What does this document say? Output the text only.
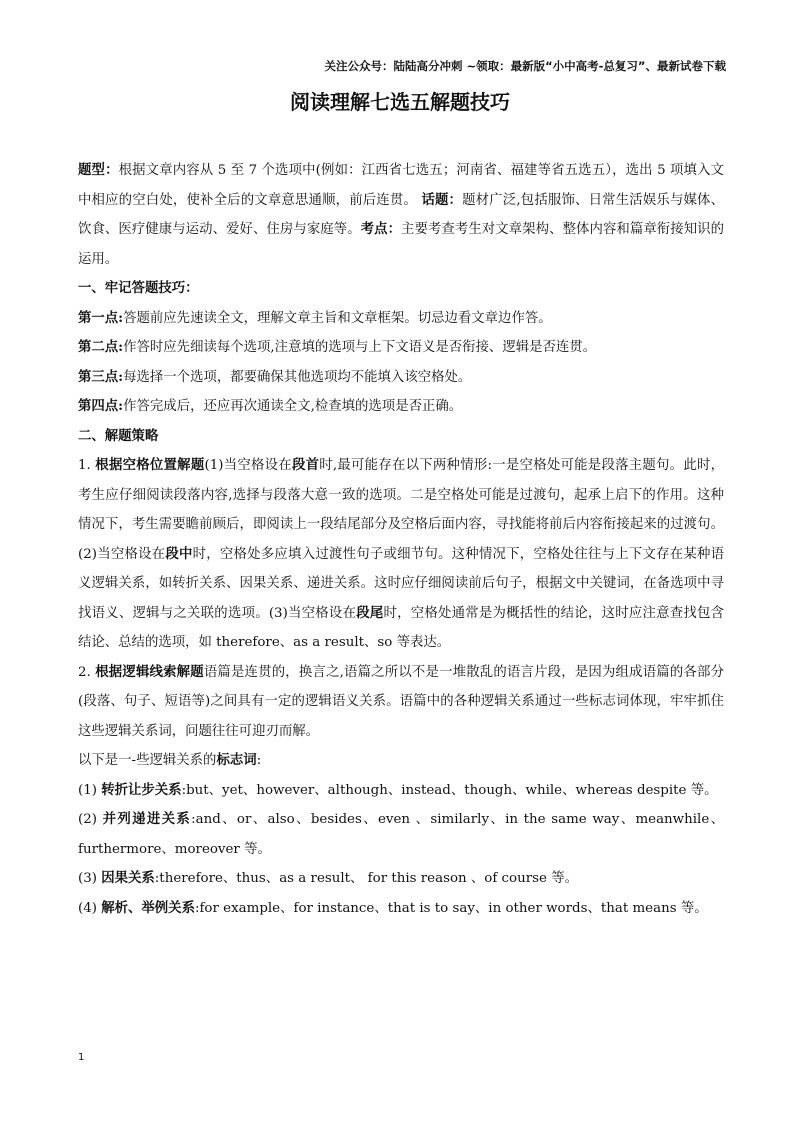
关注公众号：陆陆高分冲刺 ~领取：最新版“小中高考-总复习”、最新试卷下载
阅读理解七选五解题技巧

题型：根据文章内容从 5 至 7 个选项中(例如：江西省七选五；河南省、福建等省五选五），选出 5 项填入文中相应的空白处，使补全后的文章意思通顺，前后连贯。 话题：题材广泛,包括服饰、日常生活娱乐与媒体、饮食、医疗健康与运动、爱好、住房与家庭等。考点：主要考查考生对文章架构、整体内容和篇章衔接知识的运用。

一、牢记答题技巧：

第一点:答题前应先速读全文，理解文章主旨和文章框架。切忌边看文章边作答。

第二点:作答时应先细读每个选项,注意填的选项与上下文语义是否衔接、逻辑是否连贯。

第三点:每选择一个选项，都要确保其他选项均不能填入该空格处。

第四点:作答完成后，还应再次通读全文,检查填的选项是否正确。

二、解题策略

1. 根据空格位置解题(1)当空格设在段首时,最可能存在以下两种情形:一是空格处可能是段落主题句。此时，考生应仔细阅读段落内容,选择与段落大意一致的选项。二是空格处可能是过渡句，起承上启下的作用。这种情况下，考生需要瞻前顾后，即阅读上一段结尾部分及空格后面内容，寻找能将前后内容衔接起来的过渡句。(2)当空格设在段中时，空格处多应填入过渡性句子或细节句。这种情况下，空格处往往与上下文存在某种语义逻辑关系，如转折关系、因果关系、递进关系。这时应仔细阅读前后句子，根据文中关键词，在备选项中寻找语义、逻辑与之关联的选项。(3)当空格设在段尾时，空格处通常是为概括性的结论，这时应注意查找包含结论、总结的选项，如 therefore、as a result、so 等表达。

2. 根据逻辑线索解题语篇是连贯的，换言之,语篇之所以不是一堆散乱的语言片段，是因为组成语篇的各部分(段落、句子、短语等)之间具有一定的逻辑语义关系。语篇中的各种逻辑关系通过一些标志词体现，牢牢抓住这些逻辑关系词，问题往往可迎刃而解。

以下是一-些逻辑关系的标志词:

(1) 转折让步关系:but、yet、however、although、instead、though、while、whereas despite 等。

(2) 并列递进关系:and、or、also、besides、even 、similarly、in the same way、meanwhile、furthermore、moreover 等。

(3) 因果关系:therefore、thus、as a result、 for this reason 、of course 等。

(4) 解析、举例关系:for example、for instance、that is to say、in other words、that means 等。

1
